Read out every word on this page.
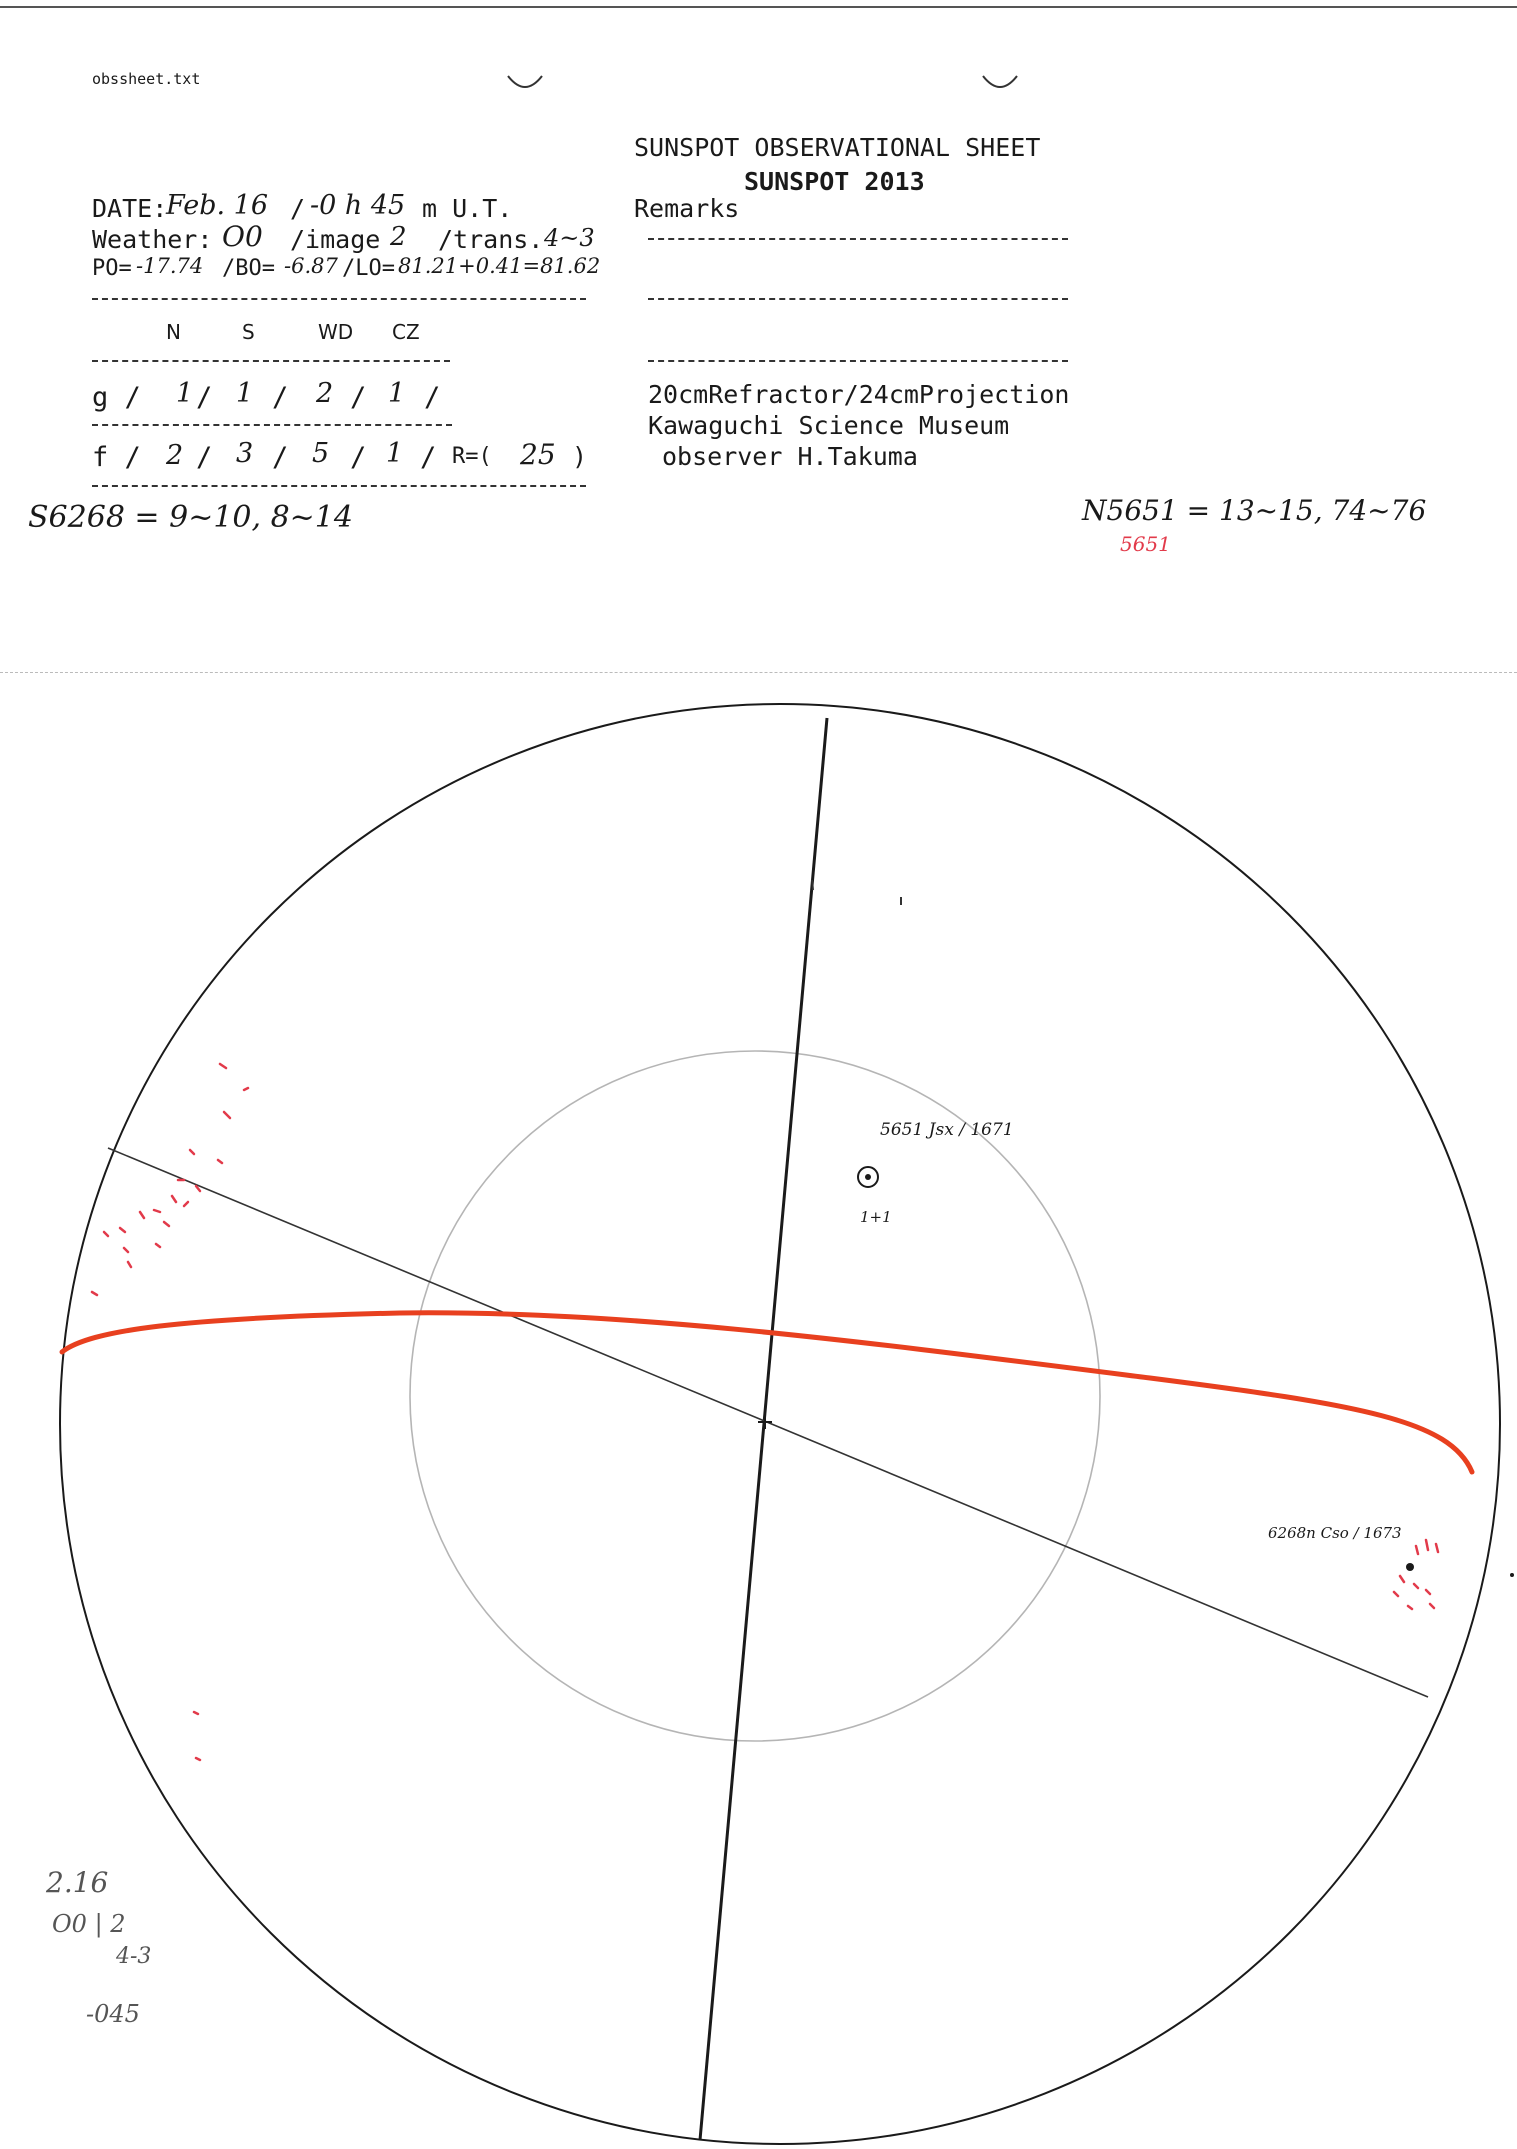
obssheet.txt
SUNSPOT OBSERVATIONAL SHEET
SUNSPOT 2013
DATE:
Feb. 16 / -0 h 45 m U.T.	Remarks
Weather: O0 /image 2 /trans. 4~3
PO= -17.74 /BO= -6.87 /LO= 81.21+0.41=81.62
N	S	WD CZ
g / 1 / 1 / 2 / 1 /
f / 2 / 3 / 5 / 1 / R=( 25 )
20cmRefractor/24cmProjection
Kawaguchi Science Museum
observer H.Takuma
S6268 = 9~10, 8~14	N5651 = 13~15, 74~76
5651
5651 Jsx / 1671
1+1
6268n Cso / 1673
2.16
O0 | 2
4-3
-045
